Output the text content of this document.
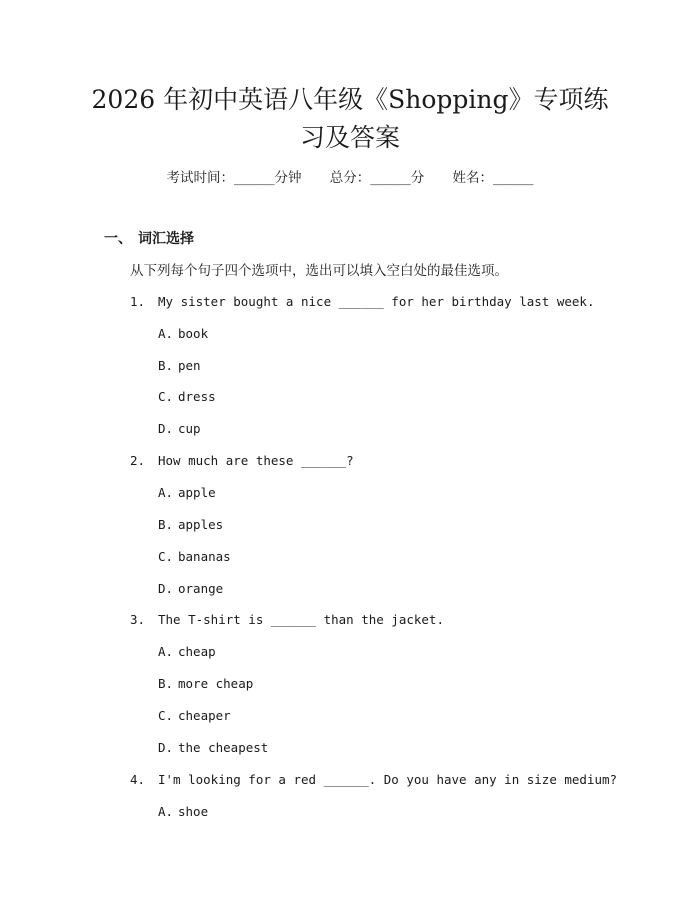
2026 年初中英语八年级《Shopping》专项练
习及答案
考试时间：______分钟 总分：______分 姓名：______
一、 词汇选择
从下列每个句子四个选项中，选出可以填入空白处的最佳选项。
1. My sister bought a nice ______ for her birthday last week.
A. book
B. pen
C. dress
D. cup
2. How much are these ______?
A. apple
B. apples
C. bananas
D. orange
3. The T-shirt is ______ than the jacket.
A. cheap
B. more cheap
C. cheaper
D. the cheapest
4. I'm looking for a red ______. Do you have any in size medium?
A. shoe
